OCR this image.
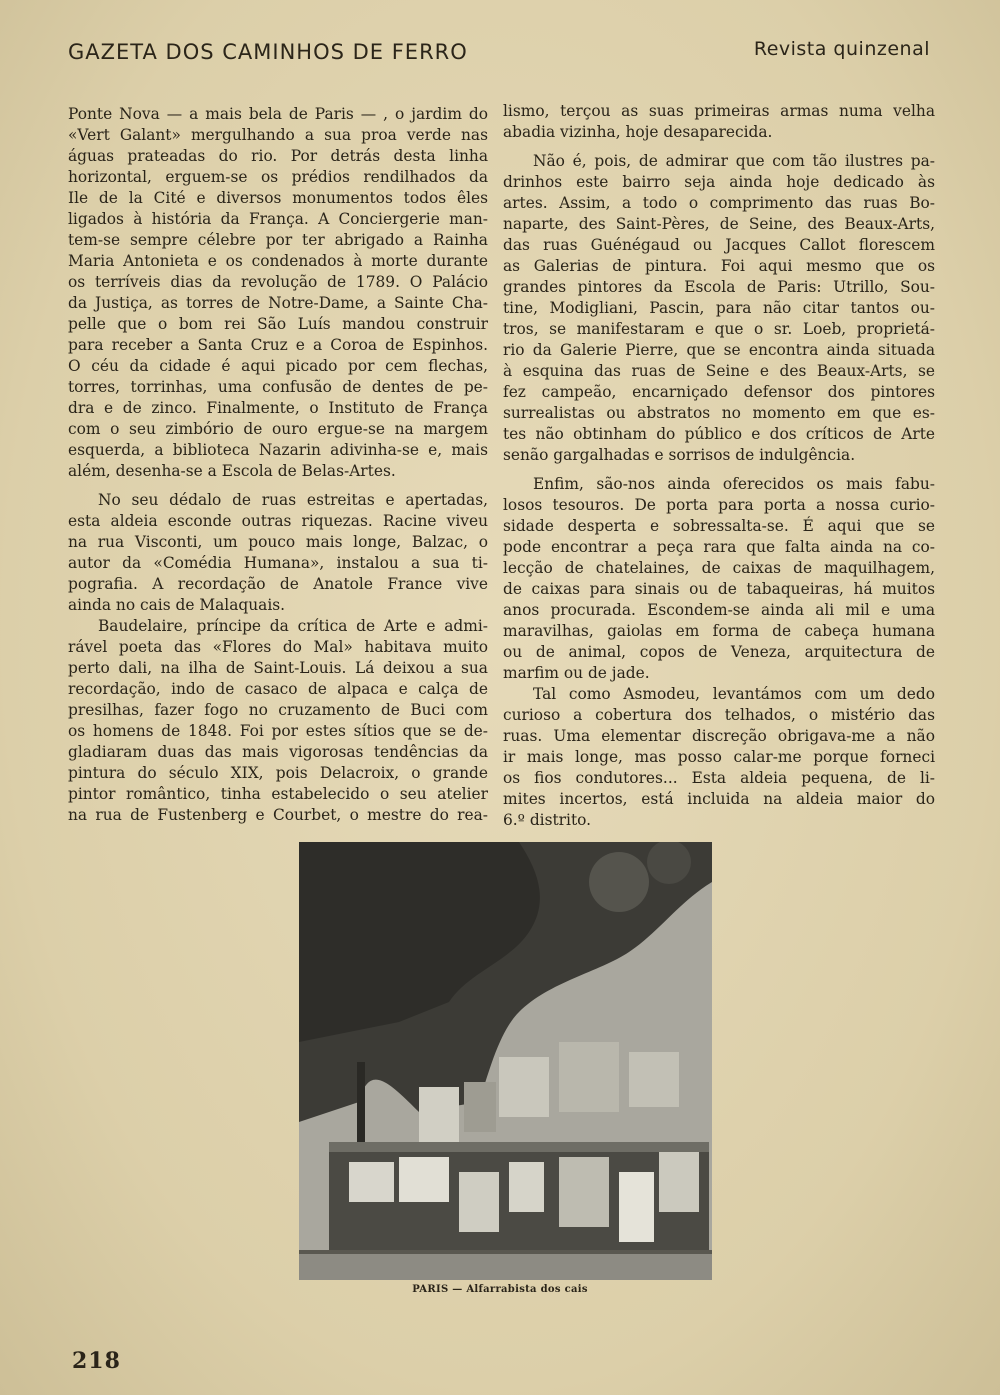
GAZETA DOS CAMINHOS DE FERRO	Revista quinzenal
Ponte Nova — a mais bela de Paris — , o jardim do
«Vert Galant» mergulhando a sua proa verde nas
águas prateadas do rio. Por detrás desta linha
horizontal, erguem-se os prédios rendilhados da
Ile de la Cité e diversos monumentos todos êles
ligados à história da França. A Conciergerie man-
tem-se sempre célebre por ter abrigado a Rainha
Maria Antonieta e os condenados à morte durante
os terríveis dias da revolução de 1789. O Palácio
da Justiça, as torres de Notre-Dame, a Sainte Cha-
pelle que o bom rei São Luís mandou construir
para receber a Santa Cruz e a Coroa de Espinhos.
O céu da cidade é aqui picado por cem flechas,
torres, torrinhas, uma confusão de dentes de pe-
dra e de zinco. Finalmente, o Instituto de França
com o seu zimbório de ouro ergue-se na margem
esquerda, a biblioteca Nazarin adivinha-se e, mais
além, desenha-se a Escola de Belas-Artes.
No seu dédalo de ruas estreitas e apertadas,
esta aldeia esconde outras riquezas. Racine viveu
na rua Visconti, um pouco mais longe, Balzac, o
autor da «Comédia Humana», instalou a sua ti-
pografia. A recordação de Anatole France vive
ainda no cais de Malaquais.
Baudelaire, príncipe da crítica de Arte e admi-
rável poeta das «Flores do Mal» habitava muito
perto dali, na ilha de Saint-Louis. Lá deixou a sua
recordação, indo de casaco de alpaca e calça de
presilhas, fazer fogo no cruzamento de Buci com
os homens de 1848. Foi por estes sítios que se de-
gladiaram duas das mais vigorosas tendências da
pintura do século XIX, pois Delacroix, o grande
pintor romântico, tinha estabelecido o seu atelier
na rua de Fustenberg e Courbet, o mestre do rea-
lismo, terçou as suas primeiras armas numa velha
abadia vizinha, hoje desaparecida.
Não é, pois, de admirar que com tão ilustres pa-
drinhos este bairro seja ainda hoje dedicado às
artes. Assim, a todo o comprimento das ruas Bo-
naparte, des Saint-Pères, de Seine, des Beaux-Arts,
das ruas Guénégaud ou Jacques Callot florescem
as Galerias de pintura. Foi aqui mesmo que os
grandes pintores da Escola de Paris: Utrillo, Sou-
tine, Modigliani, Pascin, para não citar tantos ou-
tros, se manifestaram e que o sr. Loeb, proprietá-
rio da Galerie Pierre, que se encontra ainda situada
à esquina das ruas de Seine e des Beaux-Arts, se
fez campeão, encarniçado defensor dos pintores
surrealistas ou abstratos no momento em que es-
tes não obtinham do público e dos críticos de Arte
senão gargalhadas e sorrisos de indulgência.
Enfim, são-nos ainda oferecidos os mais fabu-
losos tesouros. De porta para porta a nossa curio-
sidade desperta e sobressalta-se. É aqui que se
pode encontrar a peça rara que falta ainda na co-
lecção de chatelaines, de caixas de maquilhagem,
de caixas para sinais ou de tabaqueiras, há muitos
anos procurada. Escondem-se ainda ali mil e uma
maravilhas, gaiolas em forma de cabeça humana
ou de animal, copos de Veneza, arquitectura de
marfim ou de jade.
Tal como Asmodeu, levantámos com um dedo
curioso a cobertura dos telhados, o mistério das
ruas. Uma elementar discreção obrigava-me a não
ir mais longe, mas posso calar-me porque forneci
os fios condutores... Esta aldeia pequena, de li-
mites incertos, está incluida na aldeia maior do
6.º distrito.
PARIS — Alfarrabista dos cais
218
